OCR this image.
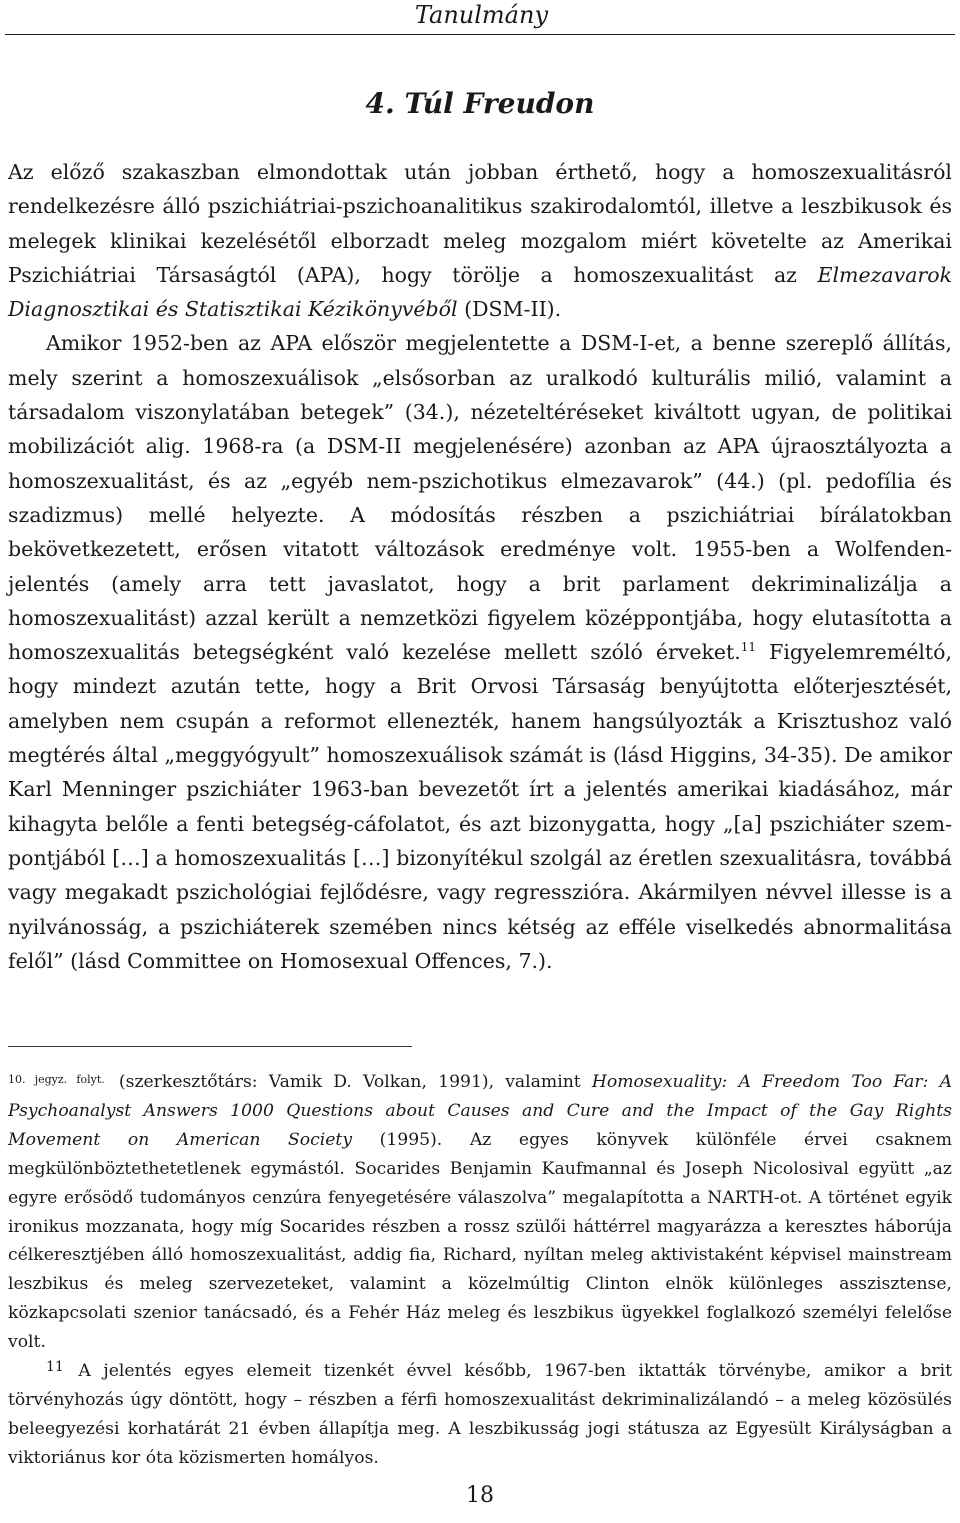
Tanulmány
4. Túl Freudon

Az előző szakaszban elmondottak után jobban érthető, hogy a homoszexualitásról rendelkezésre álló pszichiátriai-pszichoanalitikus szakirodalomtól, illetve a leszbikusok és melegek klinikai kezelésétől elborzadt meleg mozgalom miért követelte az Amerikai Pszichiátriai Társaságtól (APA), hogy törölje a homoszexualitást az Elmezavarok Diagnosztikai és Statisztikai Kézikönyvéből (DSM-II).

Amikor 1952-ben az APA először megjelentette a DSM-I-et, a benne szereplő állítás, mely szerint a homoszexuálisok „elsősorban az uralkodó kulturális milió, valamint a társadalom viszonylatában betegek” (34.), nézeteltéréseket kiváltott ugyan, de politikai mobilizációt alig. 1968-ra (a DSM-II megjelenésére) azonban az APA újraosztályozta a homoszexualitást, és az „egyéb nem-pszichotikus elmezavarok” (44.) (pl. pedofília és szadizmus) mellé helyezte. A módosítás részben a pszichiátriai bírálatokban bekövetkezetett, erősen vitatott változások eredménye volt. 1955-ben a Wolfenden-jelentés (amely arra tett javaslatot, hogy a brit parlament dekriminalizálja a homoszexualitást) azzal került a nemzetközi figyelem középpontjába, hogy elutasította a homoszexualitás betegségként való kezelése mellett szóló érveket.$^{11}$ Figyelemreméltó, hogy mindezt azután tette, hogy a Brit Orvosi Társaság benyújtotta előterjesztését, amelyben nem csupán a reformot ellenezték, hanem hangsúlyozták a Krisztushoz való megtérés által „meggyógyult” homoszexuálisok számát is (lásd Higgins, 34-35). De amikor Karl Menninger pszichiáter 1963-ban bevezetőt írt a jelentés amerikai kiadásához, már kihagyta belőle a fenti betegség-cáfolatot, és azt bizonygatta, hogy „[a] pszichiáter szempontjából […] a homoszexualitás […] bizonyítékul szolgál az éretlen szexualitásra, továbbá vagy megakadt pszichológiai fejlődésre, vagy regresszióra. Akármilyen névvel illesse is a nyilvánosság, a pszichiáterek szemében nincs kétség az efféle viselkedés abnormalitása felől” (lásd Committee on Homosexual Offences, 7.).

$^{10. jegyz. folyt.}$ (szerkesztőtárs: Vamik D. Volkan, 1991), valamint Homosexuality: A Freedom Too Far: A Psychoanalyst Answers 1000 Questions about Causes and Cure and the Impact of the Gay Rights Movement on American Society (1995). Az egyes könyvek különféle érvei csaknem megkülönböztethetetlenek egymástól. Socarides Benjamin Kaufmannal és Joseph Nicolosival együtt „az egyre erősödő tudományos cenzúra fenyegetésére válaszolva” megalapította a NARTH-ot. A történet egyik ironikus mozzanata, hogy míg Socarides részben a rossz szülői háttérrel magyarázza a keresztes háborúja célkeresztjében álló homoszexualitást, addig fia, Richard, nyíltan meleg aktivistaként képvisel mainstream leszbikus és meleg szervezeteket, valamint a közelmúltig Clinton elnök különleges asszisztense, közkapcsolati szenior tanácsadó, és a Fehér Ház meleg és leszbikus ügyekkel foglalkozó személyi felelőse volt.

$^{11}$ A jelentés egyes elemeit tizenkét évvel később, 1967-ben iktatták törvénybe, amikor a brit törvényhozás úgy döntött, hogy – részben a férfi homoszexualitást dekriminalizálandó – a meleg közösülés beleegyezési korhatárát 21 évben állapítja meg. A leszbikusság jogi státusza az Egyesült Királyságban a viktoriánus kor óta közismerten homályos.

18
